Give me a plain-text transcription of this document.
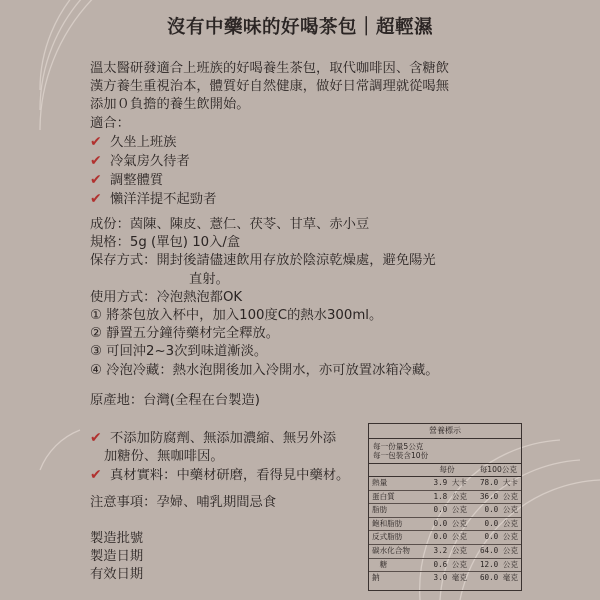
沒有中藥味的好喝茶包｜超輕濕

溫太醫研發適合上班族的好喝養生茶包，取代咖啡因、含糖飲

漢方養生重視治本，體質好自然健康，做好日常調理就從喝無

添加０負擔的養生飲開始。

適合：

✔ 久坐上班族

✔ 冷氣房久待者

✔ 調整體質

✔ 懶洋洋提不起勁者

成份：茵陳、陳皮、薏仁、茯苓、甘草、赤小豆

規格：5g (單包) 10入/盒

保存方式：開封後請儘速飲用存放於陰涼乾燥處，避免陽光

直射。

使用方式：冷泡熱泡都OK

① 將茶包放入杯中，加入100度C的熱水300ml。

② 靜置五分鐘待藥材完全釋放。

③ 可回沖2~3次到味道漸淡。

④ 冷泡冷藏：熱水泡開後加入冷開水，亦可放置冰箱冷藏。

原產地：台灣(全程在台製造)

✔ 不添加防腐劑、無添加濃縮、無另外添

加糖份、無咖啡因。

✔ 真材實料：中藥材研磨，看得見中藥材。

注意事項：孕婦、哺乳期間忌食

製造批號

製造日期

有效日期

營養標示
每一份量5公克
每一包裝含10份
每份	每100公克
熱量	3.9 大卡	78.0 大卡
蛋白質	1.8 公克	36.0 公克
脂肪	0.0 公克	0.0 公克
飽和脂肪	0.0 公克	0.0 公克
反式脂肪	0.0 公克	0.0 公克
碳水化合物	3.2 公克	64.0 公克
　糖	0.6 公克	12.0 公克
鈉	3.0 毫克	60.0 毫克
